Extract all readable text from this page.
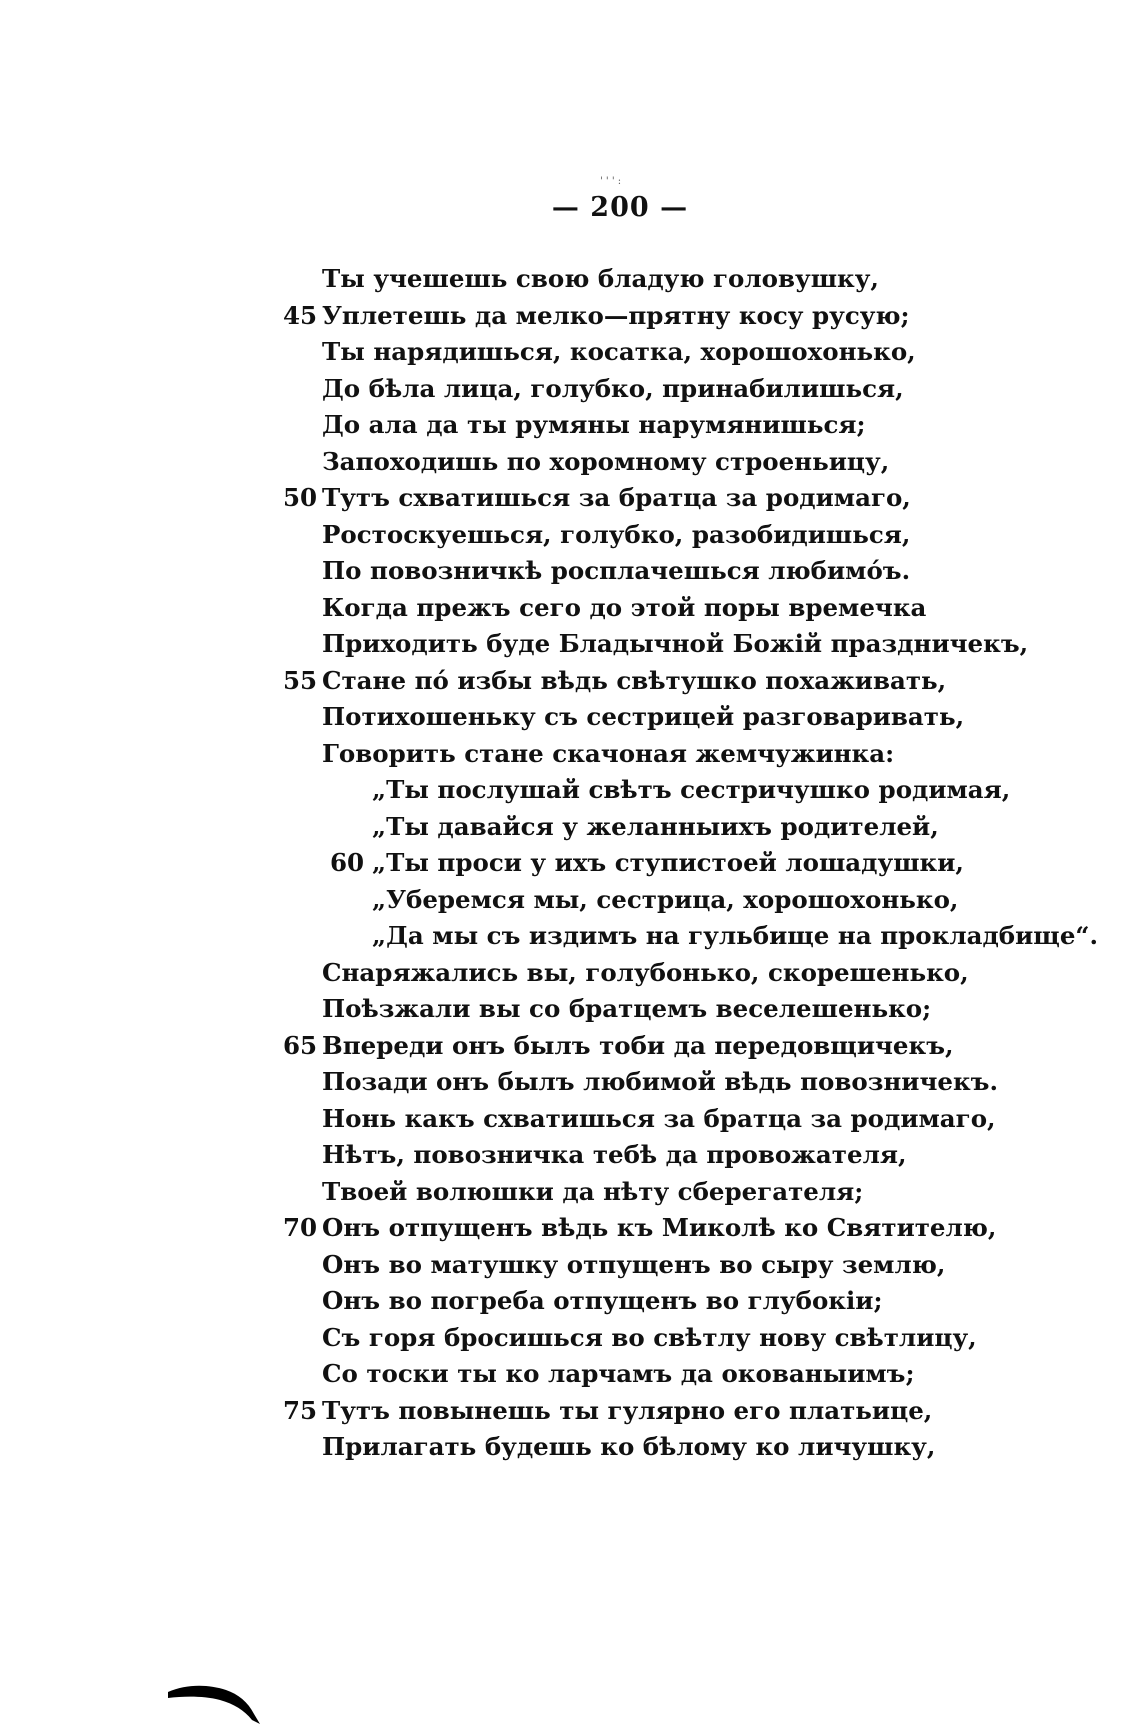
' ' ' :
— 200 —
Ты учешешь свою бладую головушку,
45 Уплетешь да мелко—прятну косу русую;
Ты нарядишься, косатка, хорошохонько,
До бѣла лица, голубко, принабилишься,
До ала да ты румяны нарумянишься;
Запоходишь по хоромному строеньицу,
50 Тутъ схватишься за братца за родимаго,
Ростоскуешься, голубко, разобидишься,
По повозничкѣ росплачешься любимо́ъ.
Когда прежъ сего до этой поры времечка
Приходить буде Бладычной Божій праздничекъ,
55 Стане по́ избы вѣдь свѣтушко похаживать,
Потихошеньку съ сестрицей разговаривать,
Говорить стане скачоная жемчужинка:
„Ты послушай свѣтъ сестричушко родимая,
„Ты давайся у желанныихъ родителей,
60 „Ты проси у ихъ ступистоей лошадушки,
„Уберемся мы, сестрица, хорошохонько,
„Да мы съ издимъ на гульбище на прокладбище“.
Снаряжались вы, голубонько, скорешенько,
Поѣзжали вы со братцемъ веселешенько;
65 Впереди онъ былъ тоби да передовщичекъ,
Позади онъ былъ любимой вѣдь повозничекъ.
Нонь какъ схватишься за братца за родимаго,
Нѣтъ, повозничка тебѣ да провожателя,
Твоей волюшки да нѣту сберегателя;
70 Онъ отпущенъ вѣдь къ Миколѣ ко Святителю,
Онъ во матушку отпущенъ во сыру землю,
Онъ во погреба отпущенъ во глубокіи;
Съ горя бросишься во свѣтлу нову свѣтлицу,
Со тоски ты ко ларчамъ да окованыимъ;
75 Тутъ повынешь ты гулярно его платьице,
Прилагать будешь ко бѣлому ко личушку,
